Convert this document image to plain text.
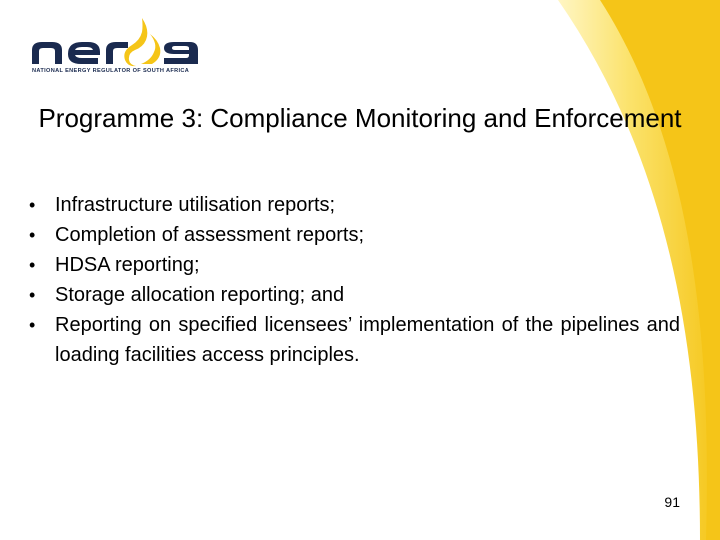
NATIONAL ENERGY REGULATOR OF SOUTH AFRICA
Programme 3: Compliance Monitoring and Enforcement
• Infrastructure utilisation reports;
• Completion of assessment reports;
• HDSA reporting;
• Storage allocation reporting; and
• Reporting on specified licensees’ implementation of the pipelines and loading facilities access principles.
91
